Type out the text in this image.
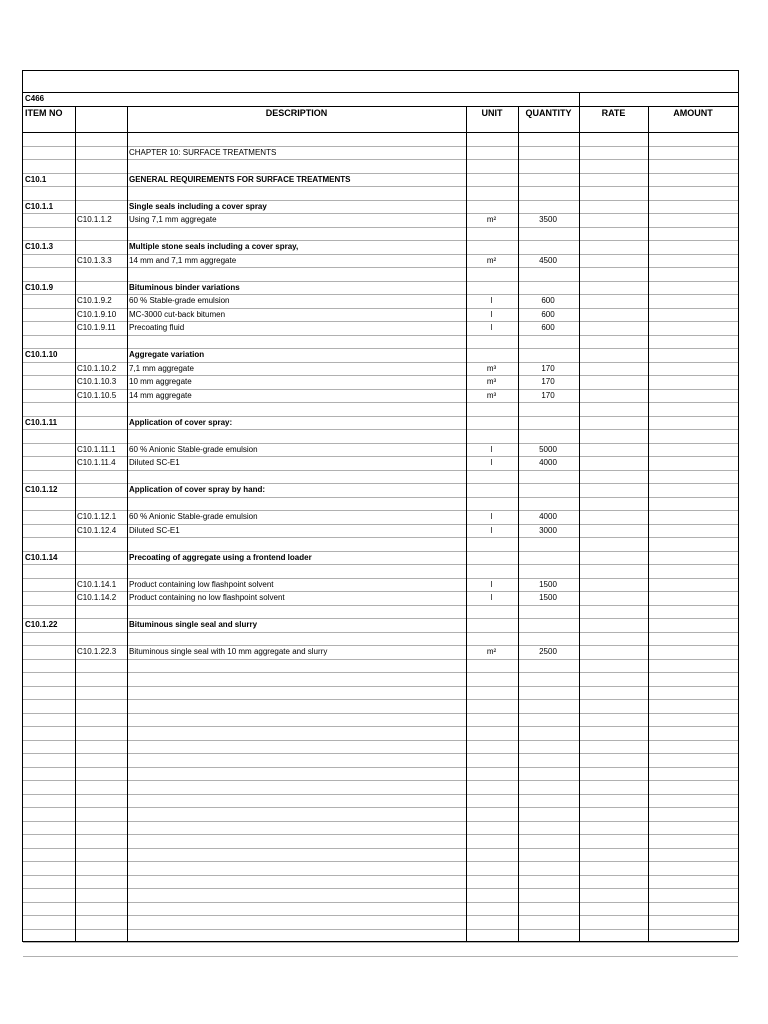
C466
ITEM NO	DESCRIPTION	UNIT	QUANTITY	RATE	AMOUNT
CHAPTER 10: SURFACE TREATMENTS
C10.1	GENERAL REQUIREMENTS FOR SURFACE TREATMENTS
C10.1.1	Single seals including a cover spray
C10.1.1.2	Using 7,1 mm aggregate	m²	3500
C10.1.3	Multiple stone seals including a cover spray,
C10.1.3.3	14 mm and 7,1 mm aggregate	m²	4500
C10.1.9	Bituminous binder variations
C10.1.9.2	60 % Stable-grade emulsion	l	600
C10.1.9.10	MC-3000 cut-back bitumen	l	600
C10.1.9.11	Precoating fluid	l	600
C10.1.10	Aggregate variation
C10.1.10.2	7,1 mm aggregate	m³	170
C10.1.10.3	10 mm aggregate	m³	170
C10.1.10.5	14 mm aggregate	m³	170
C10.1.11	Application of cover spray:
C10.1.11.1	60 % Anionic Stable-grade emulsion	l	5000
C10.1.11.4	Diluted SC-E1	l	4000
C10.1.12	Application of cover spray by hand:
C10.1.12.1	60 % Anionic Stable-grade emulsion	l	4000
C10.1.12.4	Diluted SC-E1	l	3000
C10.1.14	Precoating of aggregate using a frontend loader
C10.1.14.1	Product containing low flashpoint solvent	l	1500
C10.1.14.2	Product containing no low flashpoint solvent	l	1500
C10.1.22	Bituminous single seal and slurry
C10.1.22.3	Bituminous single seal with 10 mm aggregate and slurry	m²	2500
